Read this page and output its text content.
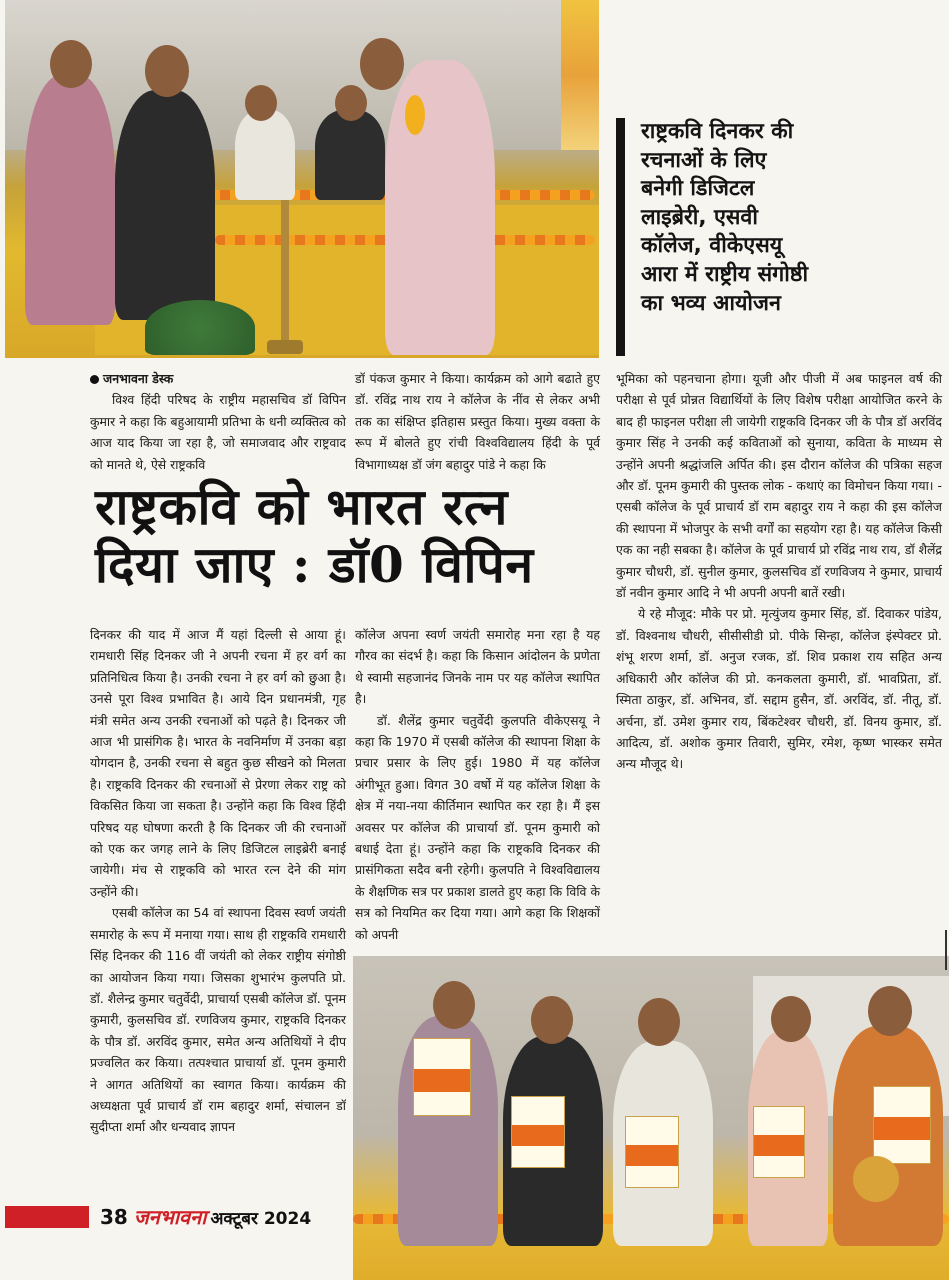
राष्ट्रकवि दिनकर की
रचनाओं के लिए
बनेगी डिजिटल
लाइब्रेरी, एसवी
कॉलेज, वीकेएसयू
आरा में राष्ट्रीय संगोष्ठी
का भव्य आयोजन

जनभावना डेस्क

विश्व हिंदी परिषद के राष्ट्रीय महासचिव डॉ विपिन कुमार ने कहा कि बहुआयामी प्रतिभा के धनी व्यक्तित्व को आज याद किया जा रहा है, जो समाजवाद और राष्ट्रवाद को मानते थे, ऐसे राष्ट्रकवि

डॉ पंकज कुमार ने किया। कार्यक्रम को आगे बढाते हुए डॉ. रविंद्र नाथ राय ने कॉलेज के नींव से लेकर अभी तक का संक्षिप्त इतिहास प्रस्तुत किया। मुख्य वक्ता के रूप में बोलते हुए रांची विश्वविद्यालय हिंदी के पूर्व विभागाध्यक्ष डॉ जंग बहादुर पांडे ने कहा कि

राष्ट्रकवि को भारत रत्न
दिया जाए : डॉ0 विपिन

दिनकर की याद में आज मैं यहां दिल्ली से आया हूं। रामधारी सिंह दिनकर जी ने अपनी रचना में हर वर्ग का प्रतिनिधित्व किया है। उनकी रचना ने हर वर्ग को छुआ है। उनसे पूरा विश्व प्रभावित है। आये दिन प्रधानमंत्री, गृह मंत्री समेत अन्य उनकी रचनाओं को पढ़ते है। दिनकर जी आज भी प्रासंगिक है। भारत के नवनिर्माण में उनका बड़ा योगदान है, उनकी रचना से बहुत कुछ सीखने को मिलता है। राष्ट्रकवि दिनकर की रचनाओं से प्रेरणा लेकर राष्ट्र को विकसित किया जा सकता है। उन्होंने कहा कि विश्व हिंदी परिषद यह घोषणा करती है कि दिनकर जी की रचनाओं को एक कर जगह लाने के लिए डिजिटल लाइब्रेरी बनाई जायेगी। मंच से राष्ट्रकवि को भारत रत्न देने की मांग उन्होंने की।

एसबी कॉलेज का 54 वां स्थापना दिवस स्वर्ण जयंती समारोह के रूप में मनाया गया। साथ ही राष्ट्रकवि रामधारी सिंह दिनकर की 116 वीं जयंती को लेकर राष्ट्रीय संगोष्ठी का आयोजन किया गया। जिसका शुभारंभ कुलपति प्रो. डॉ. शैलेन्द्र कुमार चतुर्वेदी, प्राचार्या एसबी कॉलेज डॉ. पूनम कुमारी, कुलसचिव डॉ. रणविजय कुमार, राष्ट्रकवि दिनकर के पौत्र डॉ. अरविंद कुमार, समेत अन्य अतिथियों ने दीप प्रज्वलित कर किया। तत्पश्चात प्राचार्या डॉ. पूनम कुमारी ने आगत अतिथियों का स्वागत किया। कार्यक्रम की अध्यक्षता पूर्व प्राचार्य डॉ राम बहादुर शर्मा, संचालन डॉ सुदीप्ता शर्मा और धन्यवाद ज्ञापन

कॉलेज अपना स्वर्ण जयंती समारोह मना रहा है यह गौरव का संदर्भ है। कहा कि किसान आंदोलन के प्रणेता थे स्वामी सहजानंद जिनके नाम पर यह कॉलेज स्थापित है।

डॉ. शैलेंद्र कुमार चतुर्वेदी कुलपति वीकेएसयू ने कहा कि 1970 में एसबी कॉलेज की स्थापना शिक्षा के प्रचार प्रसार के लिए हुई। 1980 में यह कॉलेज अंगीभूत हुआ। विगत 30 वर्षो में यह कॉलेज शिक्षा के क्षेत्र में नया-नया कीर्तिमान स्थापित कर रहा है। मैं इस अवसर पर कॉलेज की प्राचार्या डॉ. पूनम कुमारी को बधाई देता हूं। उन्होंने कहा कि राष्ट्रकवि दिनकर की प्रासंगिकता सदैव बनी रहेगी। कुलपति ने विश्वविद्यालय के शैक्षणिक सत्र पर प्रकाश डालते हुए कहा कि विवि के सत्र को नियमित कर दिया गया। आगे कहा कि शिक्षकों को अपनी

भूमिका को पहनचाना होगा। यूजी और पीजी में अब फाइनल वर्ष की परीक्षा से पूर्व प्रोन्नत विद्यार्थियों के लिए विशेष परीक्षा आयोजित करने के बाद ही फाइनल परीक्षा ली जायेगी राष्ट्रकवि दिनकर जी के पौत्र डॉ अरविंद कुमार सिंह ने उनकी कई कविताओं को सुनाया, कविता के माध्यम से उन्होंने अपनी श्रद्धांजलि अर्पित की। इस दौरान कॉलेज की पत्रिका सहज और डॉ. पूनम कुमारी की पुस्तक लोक - कथाएं का विमोचन किया गया। - एसबी कॉलेज के पूर्व प्राचार्य डॉ राम बहादुर राय ने कहा की इस कॉलेज की स्थापना में भोजपुर के सभी वर्गों का सहयोग रहा है। यह कॉलेज किसी एक का नही सबका है। कॉलेज के पूर्व प्राचार्य प्रो रविंद्र नाथ राय, डॉ शैलेंद्र कुमार चौधरी, डॉ. सुनील कुमार, कुलसचिव डॉ रणविजय ने कुमार, प्राचार्य डॉ नवीन कुमार आदि ने भी अपनी अपनी बातें रखी।

ये रहे मौजूद: मौके पर प्रो. मृत्युंजय कुमार सिंह, डॉ. दिवाकर पांडेय, डॉ. विश्वनाथ चौधरी, सीसीसीडी प्रो. पीके सिन्हा, कॉलेज इंस्पेक्टर प्रो. शंभू शरण शर्मा, डॉ. अनुज रजक, डॉ. शिव प्रकाश राय सहित अन्य अधिकारी और कॉलेज की प्रो. कनकलता कुमारी, डॉ. भावप्रिता, डॉ. स्मिता ठाकुर, डॉ. अभिनव, डॉ. सद्दाम हुसैन, डॉ. अरविंद, डॉ. नीतू, डॉ. अर्चना, डॉ. उमेश कुमार राय, बिंकटेश्वर चौधरी, डॉ. विनय कुमार, डॉ. आदित्य, डॉ. अशोक कुमार तिवारी, सुमिर, रमेश, कृष्ण भास्कर समेत अन्य मौजूद थे।

38 जनभावना अक्टूबर 2024
